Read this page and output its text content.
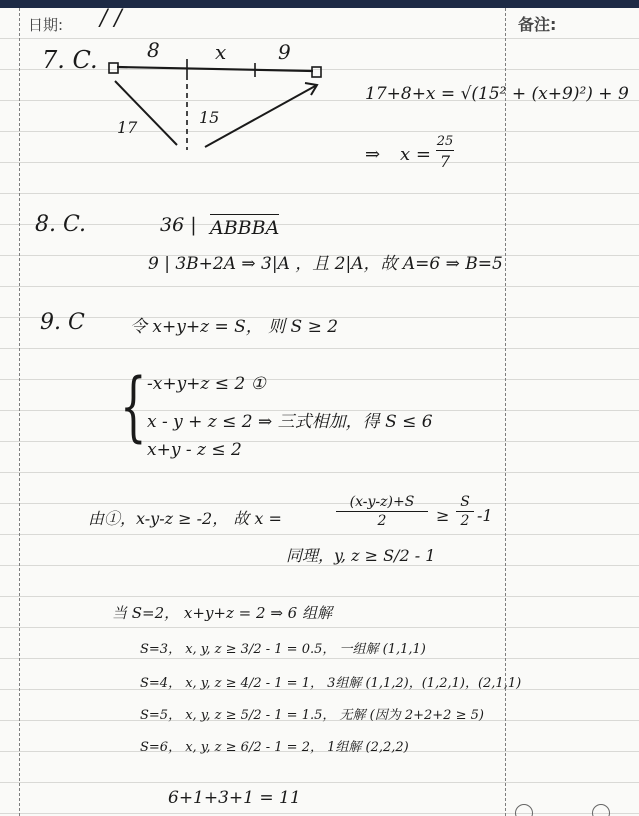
日期: / /	备注:
7. C. 8	x	9
17
15
17+8+x = √(15² + (x+9)²) + 9
⇒ x =
25
7
8. C.	36 | ABBBA
9 | 3B+2A ⇒ 3|A ，且 2|A，故 A=6 ⇒ B=5
9. C	令 x+y+z = S， 则 S ≥ 2
{ -x+y+z ≤ 2 ①
x - y + z ≤ 2 ⇒ 三式相加，得 S ≤ 6
x+y - z ≤ 2
由①，x-y-z ≥ -2， 故 x =
(x-y-z)+S
2	≥
S
2 -1
同理，y, z ≥ S/2 - 1
当 S=2， x+y+z = 2 ⇒ 6 组解
S=3， x, y, z ≥ 3/2 - 1 = 0.5， 一组解 (1,1,1)
S=4， x, y, z ≥ 4/2 - 1 = 1， 3组解 (1,1,2)，(1,2,1)，(2,1,1)
S=5， x, y, z ≥ 5/2 - 1 = 1.5， 无解 (因为 2+2+2 ≥ 5)
S=6， x, y, z ≥ 6/2 - 1 = 2， 1组解 (2,2,2)
6+1+3+1 = 11
